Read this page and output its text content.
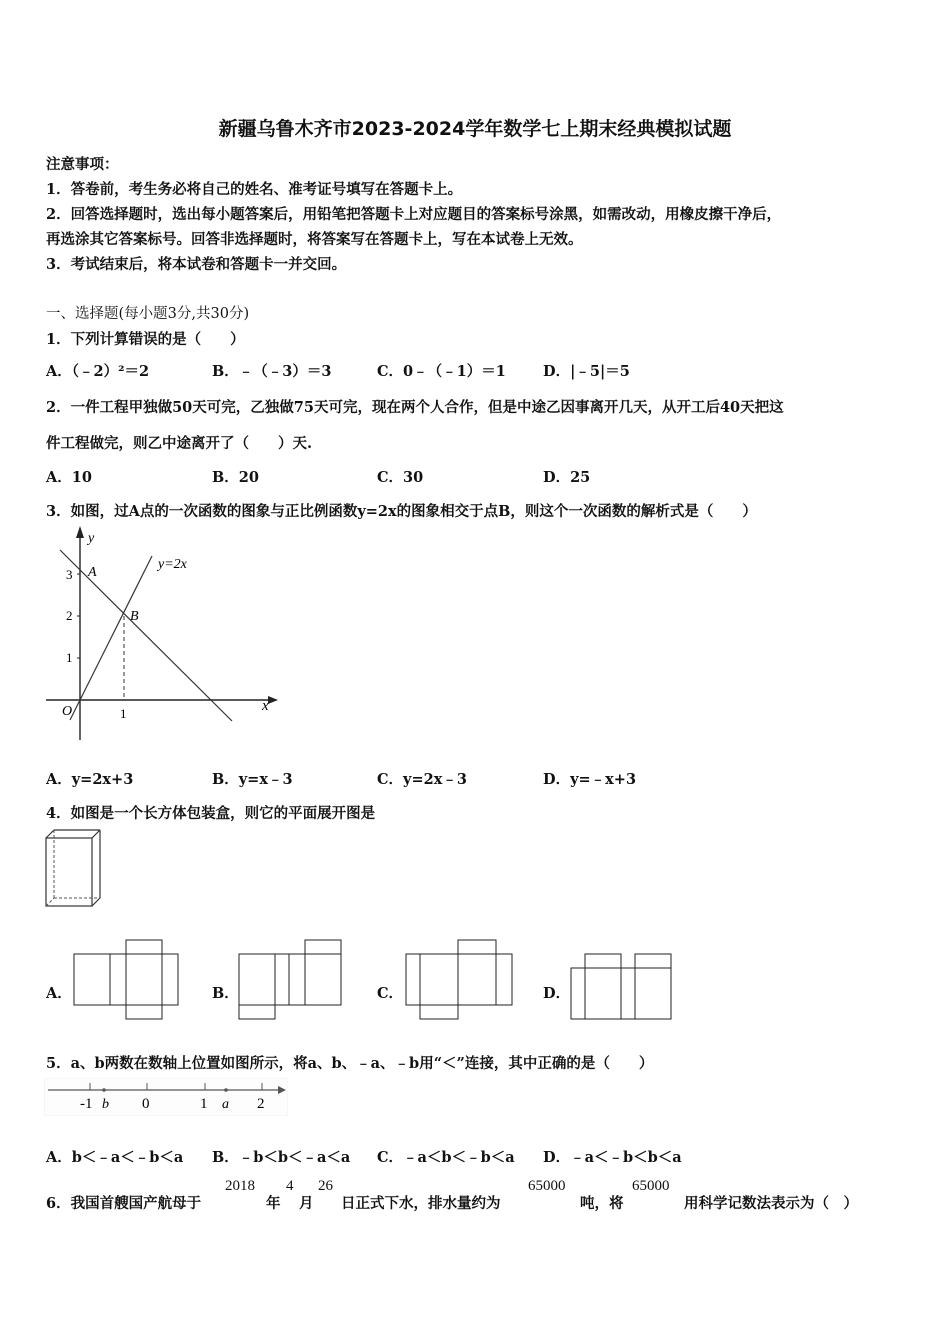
新疆乌鲁木齐市2023-2024学年数学七上期末经典模拟试题
注意事项：
1．答卷前，考生务必将自己的姓名、准考证号填写在答题卡上。
2．回答选择题时，选出每小题答案后，用铅笔把答题卡上对应题目的答案标号涂黑，如需改动，用橡皮擦干净后，
再选涂其它答案标号。回答非选择题时，将答案写在答题卡上，写在本试卷上无效。
3．考试结束后，将本试卷和答题卡一并交回。
一、选择题(每小题3分,共30分)
1．下列计算错误的是（　　）
A．（﹣2）²＝2	B．﹣（﹣3）＝3	C．0﹣（﹣1）＝1	D．|﹣5|＝5
2．一件工程甲独做50天可完，乙独做75天可完，现在两个人合作，但是中途乙因事离开几天，从开工后40天把这
件工程做完，则乙中途离开了（　　）天.
A．10	B．20	C．30	D．25
3．如图，过A点的一次函数的图象与正比例函数y=2x的图象相交于点B，则这个一次函数的解析式是（　　）
y
x
y=2x
A
B
O
3
2
1
1
A．y=2x+3	B．y=x﹣3	C．y=2x﹣3	D．y=﹣x+3
4．如图是一个长方体包装盒，则它的平面展开图是
A．	B．	C．	D．
5．a、b两数在数轴上位置如图所示，将a、b、﹣a、﹣b用“＜”连接，其中正确的是（　　）
-1 b 0	1 a 2
A．b＜﹣a＜﹣b＜a B．﹣b＜b＜﹣a＜a C．﹣a＜b＜﹣b＜a D．﹣a＜﹣b＜b＜a
6．我国首艘国产航母于
2018
年
4
月
26
日正式下水，排水量约为
65000
吨，将
65000
用科学记数法表示为（　）
